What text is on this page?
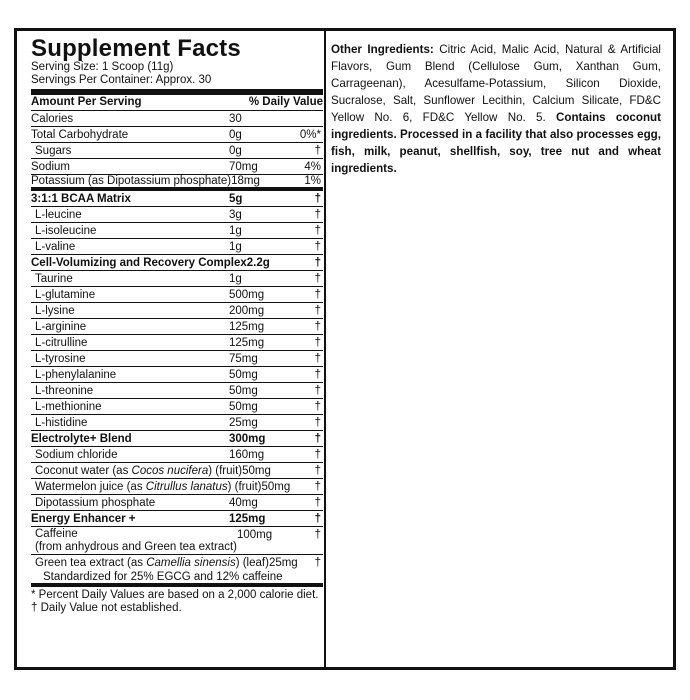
Supplement Facts
Serving Size: 1 Scoop (11g)
Servings Per Container: Approx. 30
Amount Per Serving	% Daily Value
Calories	30
Total Carbohydrate	0g	0%*
Sugars	0g	†
Sodium	70mg	4%
Potassium (as Dipotassium phosphate) 18mg	1%
3:1:1 BCAA Matrix	5g	†
L-leucine	3g	†
L-isoleucine	1g	†
L-valine	1g	†
Cell-Volumizing and Recovery Complex 2.2g	†
Taurine	1g	†
L-glutamine	500mg	†
L-lysine	200mg	†
L-arginine	125mg	†
L-citrulline	125mg	†
L-tyrosine	75mg	†
L-phenylalanine	50mg	†
L-threonine	50mg	†
L-methionine	50mg	†
L-histidine	25mg	†
Electrolyte+ Blend	300mg	†
Sodium chloride	160mg	†
Coconut water (as Cocos nucifera) (fruit) 50mg	†
Watermelon juice (as Citrullus lanatus) (fruit) 50mg	†
Dipotassium phosphate	40mg	†
Energy Enhancer +	125mg	†
Caffeine
(from anhydrous and Green tea extract)
100mg	†
Green tea extract (as Camellia sinensis) (leaf) 25mg	†
Standardized for 25% EGCG and 12% caffeine
* Percent Daily Values are based on a 2,000 calorie diet.
† Daily Value not established.
Other Ingredients: Citric Acid, Malic Acid, Natural & Artificial Flavors, Gum Blend (Cellulose Gum, Xanthan Gum, Carrageenan), Acesulfame-Potassium, Silicon Dioxide, Sucralose, Salt, Sunflower Lecithin, Calcium Silicate, FD&C Yellow No. 6, FD&C Yellow No. 5. Contains coconut ingredients. Processed in a facility that also processes egg, fish, milk, peanut, shellfish, soy, tree nut and wheat ingredients.
